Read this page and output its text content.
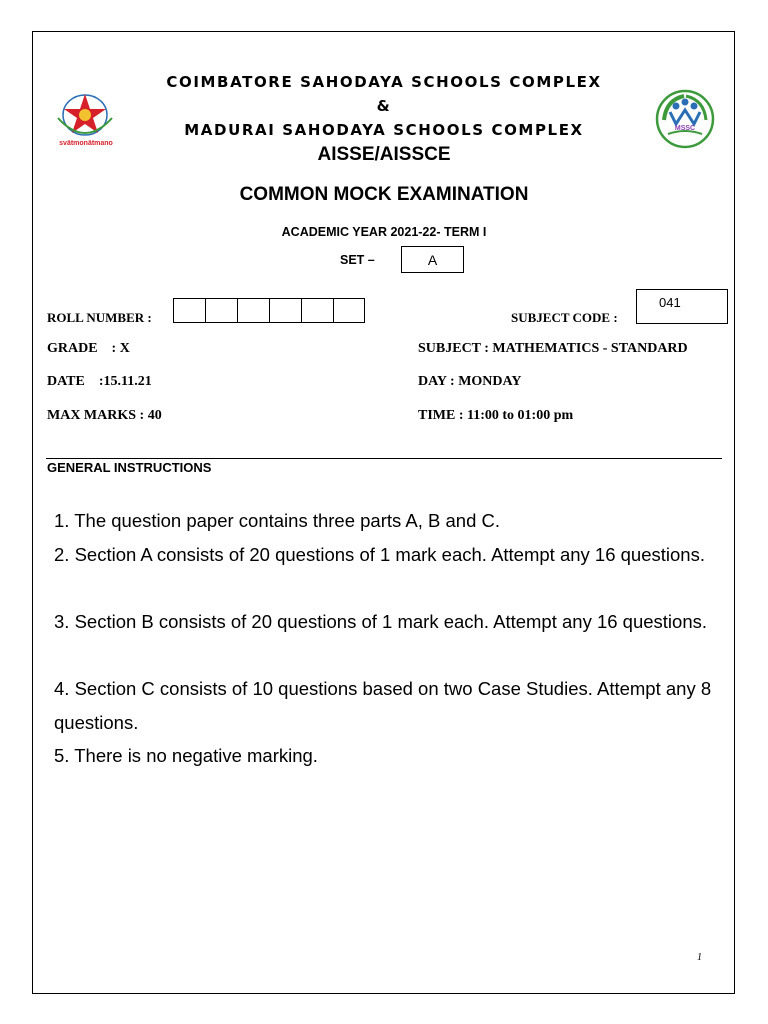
svätmonätmano
MSSC
COIMBATORE SAHODAYA SCHOOLS COMPLEX
&
MADURAI SAHODAYA SCHOOLS COMPLEX
AISSE/AISSCE
COMMON MOCK EXAMINATION
ACADEMIC YEAR 2021-22- TERM I
SET –	A
ROLL NUMBER :	SUBJECT CODE :
041
GRADE    : X	SUBJECT : MATHEMATICS - STANDARD
DATE    :15.11.21	DAY : MONDAY
MAX MARKS : 40	TIME : 11:00 to 01:00 pm
GENERAL INSTRUCTIONS
1. The question paper contains three parts A, B and C.
2. Section A consists of 20 questions of 1 mark each. Attempt any 16 questions.
3. Section B consists of 20 questions of 1 mark each. Attempt any 16 questions.
4. Section C consists of 10 questions based on two Case Studies. Attempt any 8 questions.
5. There is no negative marking.
1
